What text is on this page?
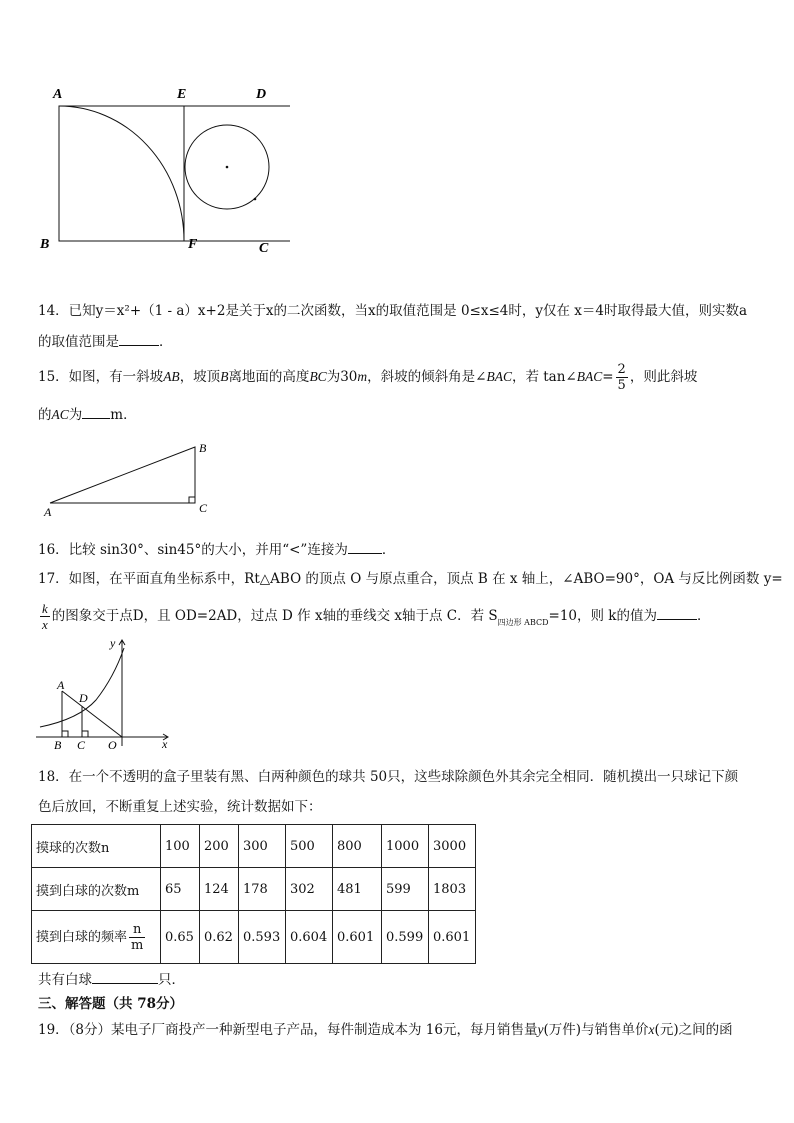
A	E	D
B	F	C
14．已知y＝x²+（1 - a）x+2是关于x的二次函数，当x的取值范围是 0≤x≤4时，y仅在 x＝4时取得最大值，则实数a
的取值范围是	．
15．如图，有一斜坡AB，坡顶B离地面的高度BC为30m，斜坡的倾斜角是∠BAC，若 tan∠BAC= $\frac{2}{5}$ ，则此斜坡
的AC为 m．
B
A	C
16．比较 sin30°、sin45°的大小，并用“<”连接为	．
17．如图，在平面直角坐标系中，Rt△ABO 的顶点 O 与原点重合，顶点 B 在 x 轴上，∠ABO=90°，OA 与反比例函数 y=
$\frac{k}{x}$ 的图象交于点D，且 OD=2AD，过点 D 作 x轴的垂线交 x轴于点 C．若 $S_{四边形 ABCD}=10$，则 k的值为	．
y
x
A
D
B C O
18．在一个不透明的盒子里装有黑、白两种颜色的球共 50只，这些球除颜色外其余完全相同．随机摸出一只球记下颜
色后放回，不断重复上述实验，统计数据如下：
摸球的次数n	100	200	300	500	800	1000	3000
摸到白球的次数m	65	124	178	302	481	599	1803
摸到白球的频率 $\frac{n}{m}$	0.65	0.62	0.593	0.604	0.601	0.599	0.601
共有白球	只．
三、解答题（共 78分）
19．（8分）某电子厂商投产一种新型电子产品，每件制造成本为 16元，每月销售量y(万件)与销售单价x(元)之间的函
